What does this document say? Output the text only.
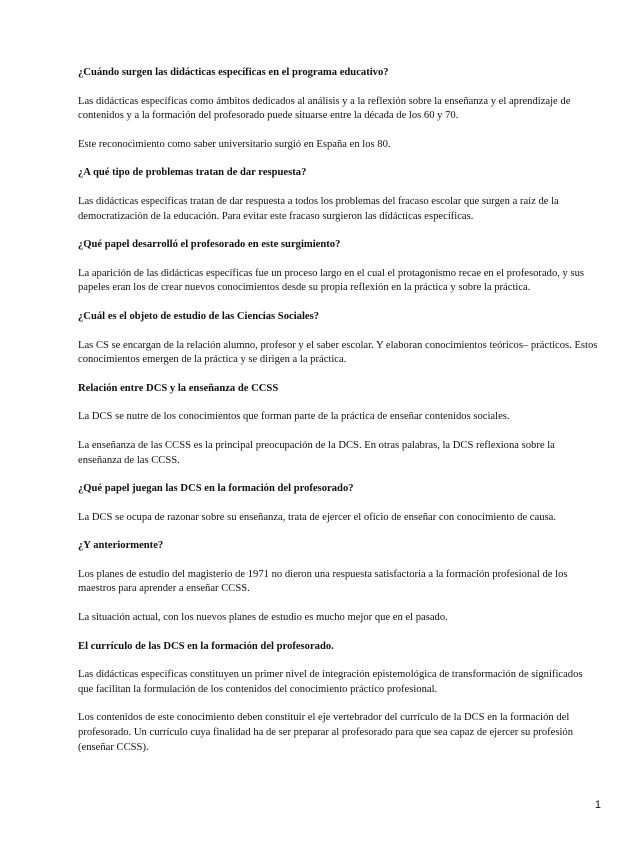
¿Cuándo surgen las didácticas específicas en el programa educativo?
Las didácticas específicas como ámbitos dedicados al análisis y a la reflexión sobre la enseñanza y el aprendizaje de contenidos y a la formación del profesorado puede situarse entre la década de los 60 y 70.
Este reconocimiento como saber universitario surgió en España en los 80.
¿A qué tipo de problemas tratan de dar respuesta?
Las didácticas específicas tratan de dar respuesta a todos los problemas del fracaso escolar que surgen a raíz de la democratización de la educación. Para evitar este fracaso surgieron las didácticas específicas.
¿Qué papel desarrolló el profesorado en este surgimiento?
La aparición de las didácticas específicas fue un proceso largo en el cual el protagonismo recae en el profesorado, y sus papeles eran los de crear nuevos conocimientos desde su propia reflexión en la práctica y sobre la práctica.
¿Cuál es el objeto de estudio de las Ciencias Sociales?
Las CS se encargan de la relación alumno, profesor y el saber escolar. Y elaboran conocimientos teóricos– prácticos. Estos conocimientos emergen de la práctica y se dirigen a la práctica.
Relación entre DCS y la enseñanza de CCSS
La DCS se nutre de los conocimientos que forman parte de la práctica de enseñar contenidos sociales.
La enseñanza de las CCSS es la principal preocupación de la DCS. En otras palabras, la DCS reflexiona sobre la enseñanza de las CCSS.
¿Qué papel juegan las DCS en la formación del profesorado?
La DCS se ocupa de razonar sobre su enseñanza, trata de ejercer el oficio de enseñar con conocimiento de causa.
¿Y anteriormente?
Los planes de estudio del magisterio de 1971 no dieron una respuesta satisfactoria a la formación profesional de los maestros para aprender a enseñar CCSS.
La situación actual, con los nuevos planes de estudio es mucho mejor que en el pasado.
El currículo de las DCS en la formación del profesorado.
Las didácticas específicas constituyen un primer nivel de integración epistemológica de transformación de significados que facilitan la formulación de los contenidos del conocimiento práctico profesional.
Los contenidos de este conocimiento deben constituir el eje vertebrador del currículo de la DCS en la formación del profesorado. Un currículo cuya finalidad ha de ser preparar al profesorado para que sea capaz de ejercer su profesión (enseñar CCSS).
1
